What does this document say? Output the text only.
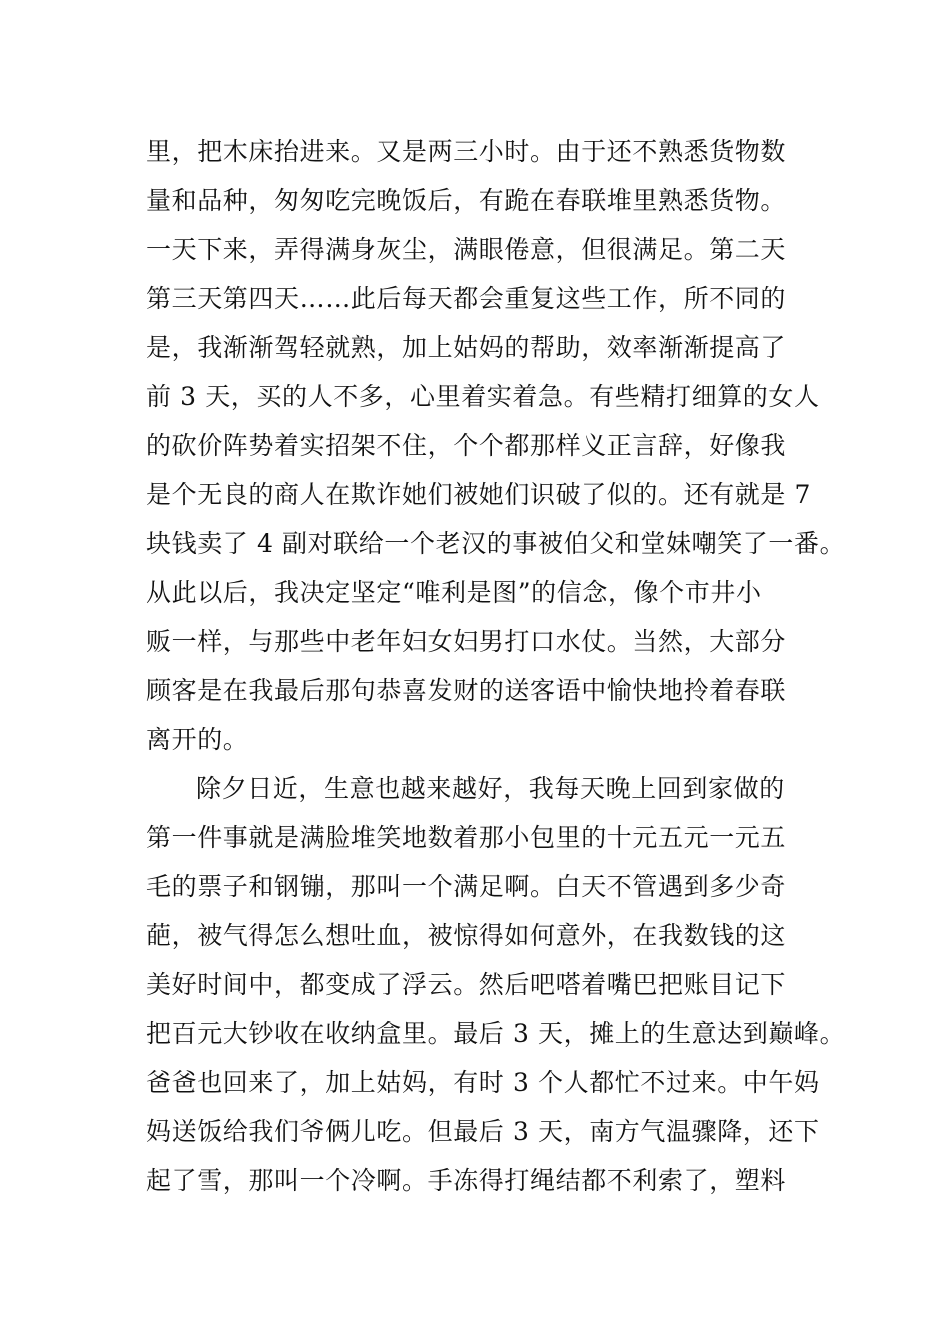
里，把木床抬进来。又是两三小时。由于还不熟悉货物数
量和品种，匆匆吃完晚饭后，有跪在春联堆里熟悉货物。
一天下来，弄得满身灰尘，满眼倦意，但很满足。第二天
第三天第四天……此后每天都会重复这些工作，所不同的
是，我渐渐驾轻就熟，加上姑妈的帮助，效率渐渐提高了
前 3 天，买的人不多，心里着实着急。有些精打细算的女人
的砍价阵势着实招架不住，个个都那样义正言辞，好像我
是个无良的商人在欺诈她们被她们识破了似的。还有就是 7
块钱卖了 4 副对联给一个老汉的事被伯父和堂妹嘲笑了一番。
从此以后，我决定坚定“唯利是图”的信念，像个市井小
贩一样，与那些中老年妇女妇男打口水仗。当然，大部分
顾客是在我最后那句恭喜发财的送客语中愉快地拎着春联
离开的。
除夕日近，生意也越来越好，我每天晚上回到家做的
第一件事就是满脸堆笑地数着那小包里的十元五元一元五
毛的票子和钢镚，那叫一个满足啊。白天不管遇到多少奇
葩，被气得怎么想吐血，被惊得如何意外，在我数钱的这
美好时间中，都变成了浮云。然后吧嗒着嘴巴把账目记下
把百元大钞收在收纳盒里。最后 3 天，摊上的生意达到巅峰。
爸爸也回来了，加上姑妈，有时 3 个人都忙不过来。中午妈
妈送饭给我们爷俩儿吃。但最后 3 天，南方气温骤降，还下
起了雪，那叫一个冷啊。手冻得打绳结都不利索了，塑料
